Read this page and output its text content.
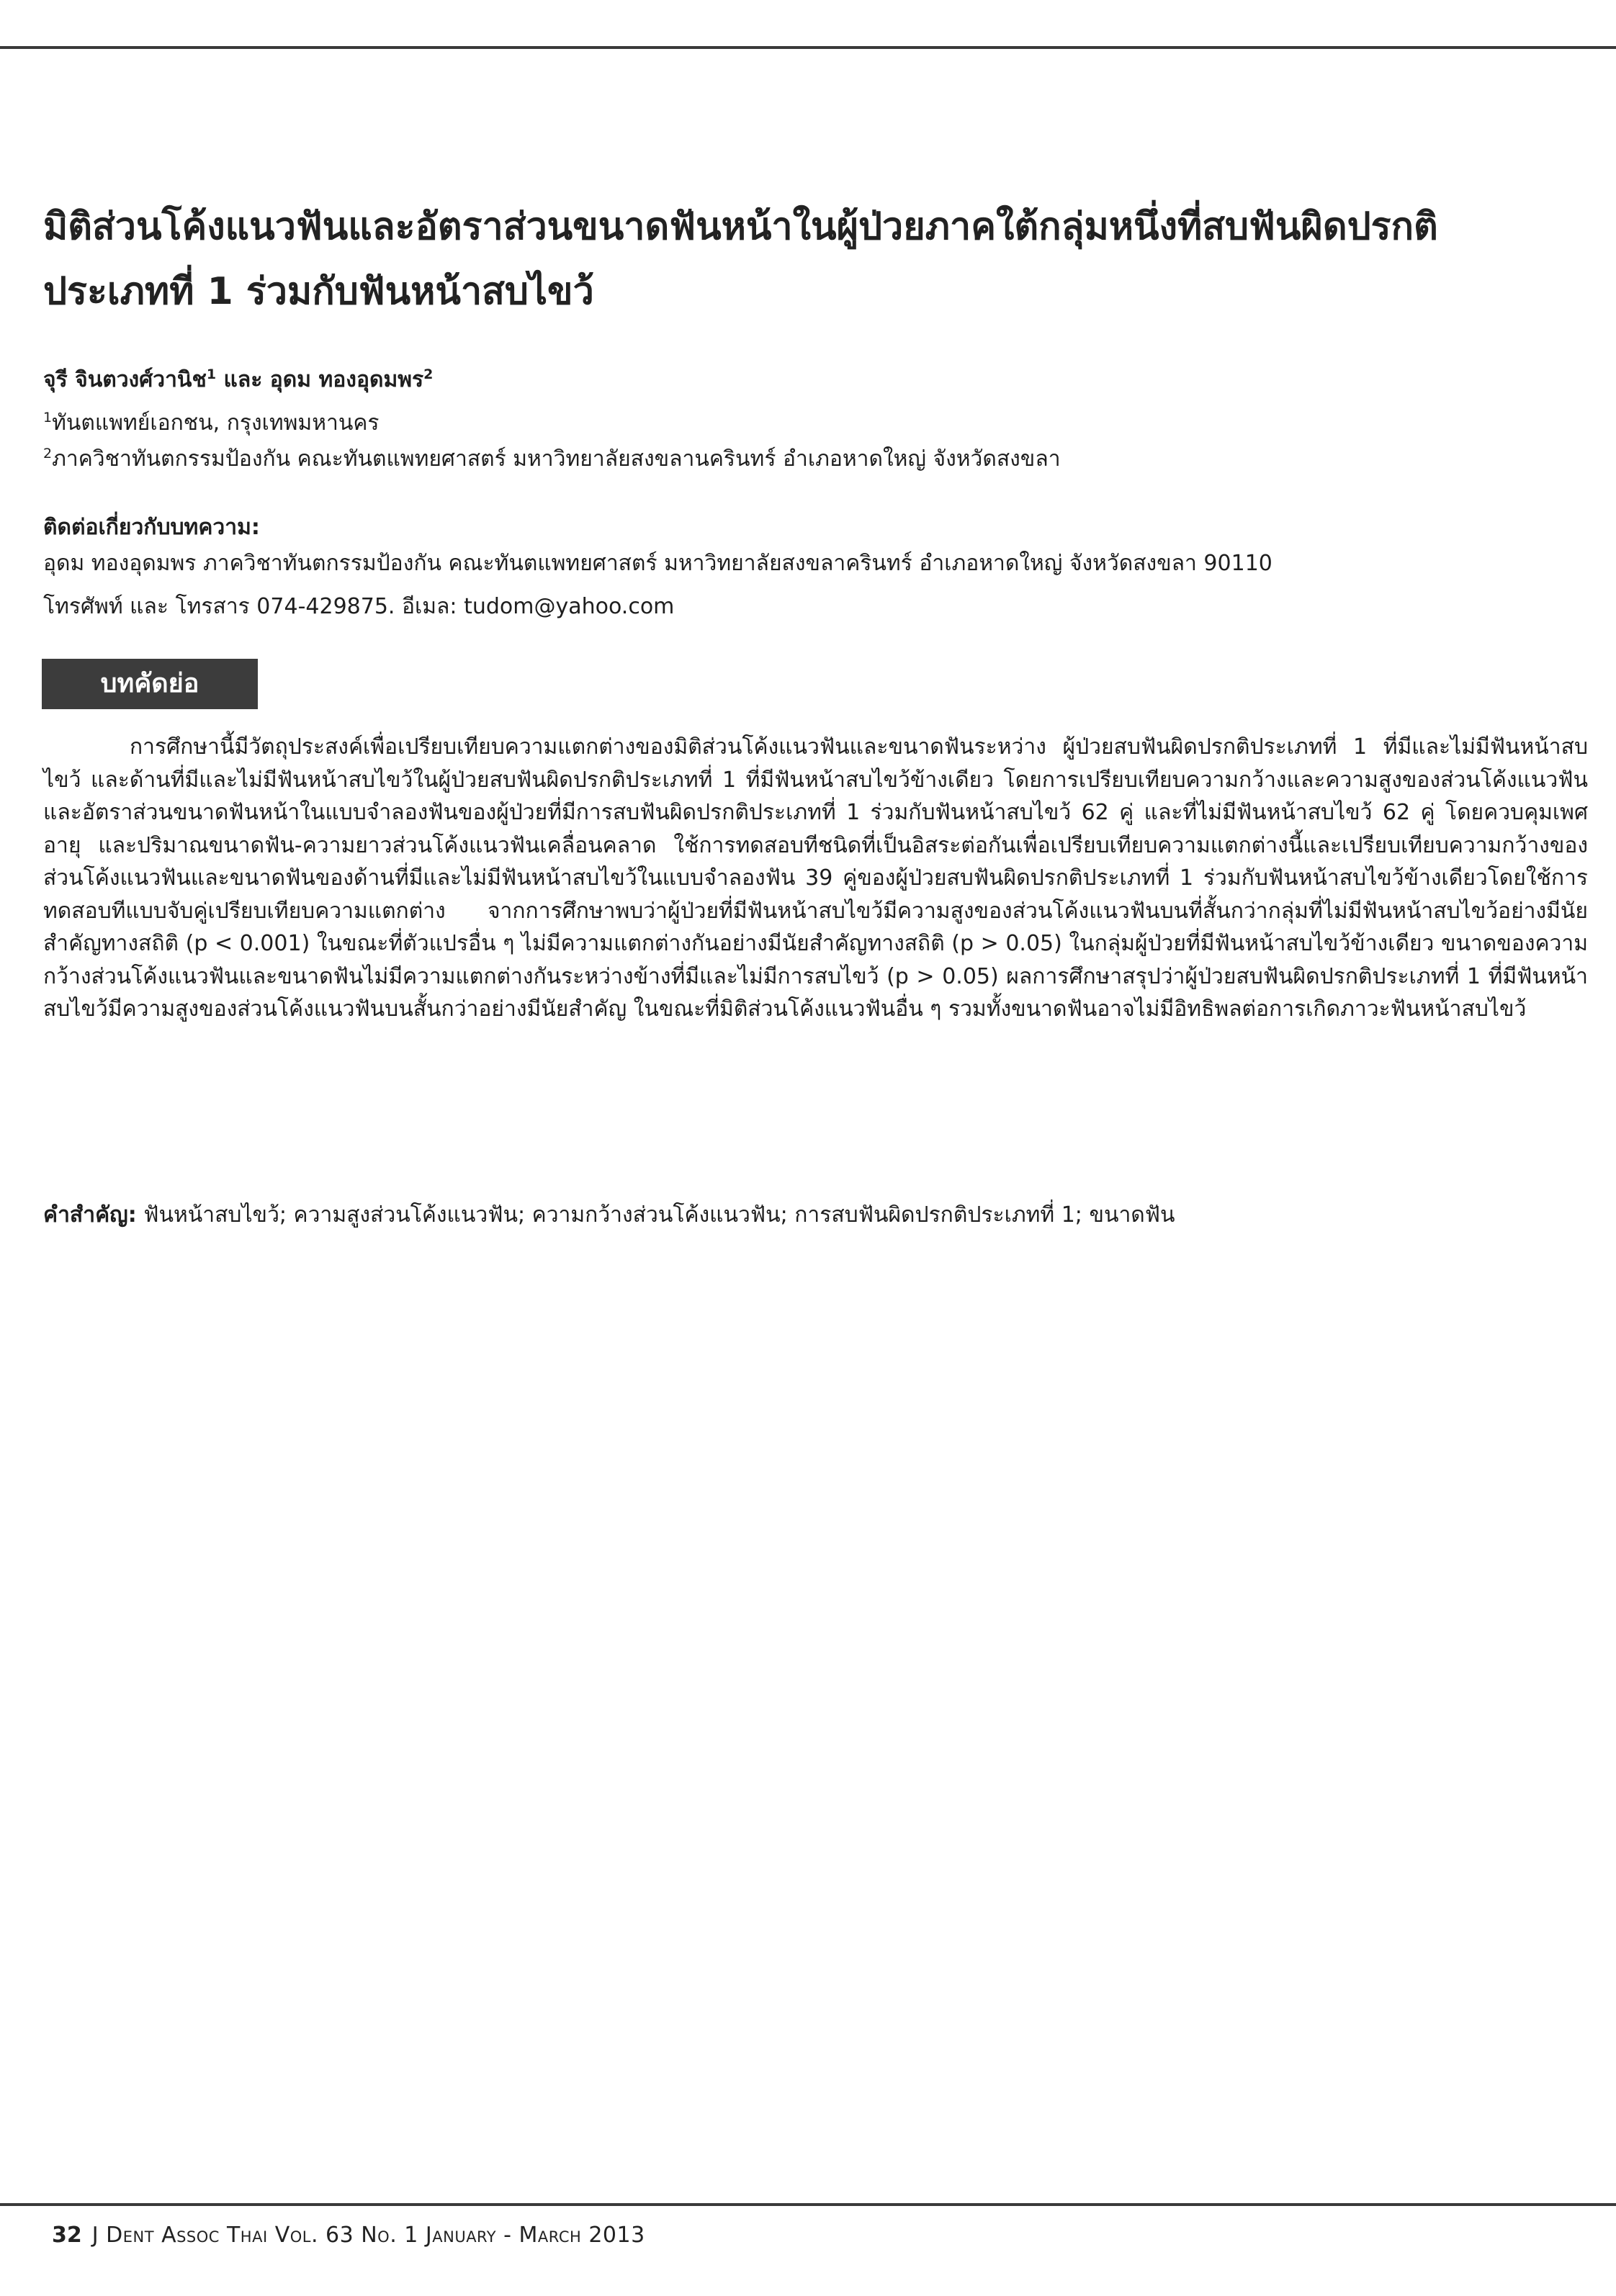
มิติส่วนโค้งแนวฟันและอัตราส่วนขนาดฟันหน้าในผู้ป่วยภาคใต้กลุ่มหนึ่งที่สบฟันผิดปรกติ
ประเภทที่ 1 ร่วมกับฟันหน้าสบไขว้
จุรี จินตวงศ์วานิช$^1$ และ อุดม ทองอุดมพร$^2$
$^1$ทันตแพทย์เอกชน, กรุงเทพมหานคร
$^2$ภาควิชาทันตกรรมป้องกัน คณะทันตแพทยศาสตร์ มหาวิทยาลัยสงขลานครินทร์ อำเภอหาดใหญ่ จังหวัดสงขลา
ติดต่อเกี่ยวกับบทความ:
อุดม ทองอุดมพร ภาควิชาทันตกรรมป้องกัน คณะทันตแพทยศาสตร์ มหาวิทยาลัยสงขลาครินทร์ อำเภอหาดใหญ่ จังหวัดสงขลา 90110
โทรศัพท์ และ โทรสาร 074-429875. อีเมล: tudom@yahoo.com
บทคัดย่อ

การศึกษานี้มีวัตถุประสงค์เพื่อเปรียบเทียบความแตกต่างของมิติส่วนโค้งแนวฟันและขนาดฟันระหว่าง ผู้ป่วยสบฟันผิดปรกติประเภทที่ 1 ที่มีและไม่มีฟันหน้าสบไขว้ และด้านที่มีและไม่มีฟันหน้าสบไขว้ในผู้ป่วยสบฟันผิดปรกติประเภทที่ 1 ที่มีฟันหน้าสบไขว้ข้างเดียว โดยการเปรียบเทียบความกว้างและความสูงของส่วนโค้งแนวฟัน และอัตราส่วนขนาดฟันหน้าในแบบจำลองฟันของผู้ป่วยที่มีการสบฟันผิดปรกติประเภทที่ 1 ร่วมกับฟันหน้าสบไขว้ 62 คู่ และที่ไม่มีฟันหน้าสบไขว้ 62 คู่ โดยควบคุมเพศ อายุ และปริมาณขนาดฟัน-ความยาวส่วนโค้งแนวฟันเคลื่อนคลาด ใช้การทดสอบทีชนิดที่เป็นอิสระต่อกันเพื่อเปรียบเทียบความแตกต่างนี้และเปรียบเทียบความกว้างของส่วนโค้งแนวฟันและขนาดฟันของด้านที่มีและไม่มีฟันหน้าสบไขว้ในแบบจำลองฟัน 39 คู่ของผู้ป่วยสบฟันผิดปรกติประเภทที่ 1 ร่วมกับฟันหน้าสบไขว้ข้างเดียวโดยใช้การทดสอบทีแบบจับคู่เปรียบเทียบความแตกต่าง จากการศึกษาพบว่าผู้ป่วยที่มีฟันหน้าสบไขว้มีความสูงของส่วนโค้งแนวฟันบนที่สั้นกว่ากลุ่มที่ไม่มีฟันหน้าสบไขว้อย่างมีนัยสำคัญทางสถิติ (p < 0.001) ในขณะที่ตัวแปรอื่น ๆ ไม่มีความแตกต่างกันอย่างมีนัยสำคัญทางสถิติ (p > 0.05) ในกลุ่มผู้ป่วยที่มีฟันหน้าสบไขว้ข้างเดียว ขนาดของความกว้างส่วนโค้งแนวฟันและขนาดฟันไม่มีความแตกต่างกันระหว่างข้างที่มีและไม่มีการสบไขว้ (p > 0.05) ผลการศึกษาสรุปว่าผู้ป่วยสบฟันผิดปรกติประเภทที่ 1 ที่มีฟันหน้าสบไขว้มีความสูงของส่วนโค้งแนวฟันบนสั้นกว่าอย่างมีนัยสำคัญ ในขณะที่มิติส่วนโค้งแนวฟันอื่น ๆ รวมทั้งขนาดฟันอาจไม่มีอิทธิพลต่อการเกิดภาวะฟันหน้าสบไขว้

คำสำคัญ: ฟันหน้าสบไขว้; ความสูงส่วนโค้งแนวฟัน; ความกว้างส่วนโค้งแนวฟัน; การสบฟันผิดปรกติประเภทที่ 1; ขนาดฟัน
32 J Dent Assoc Thai Vol. 63 No. 1 January - March 2013
